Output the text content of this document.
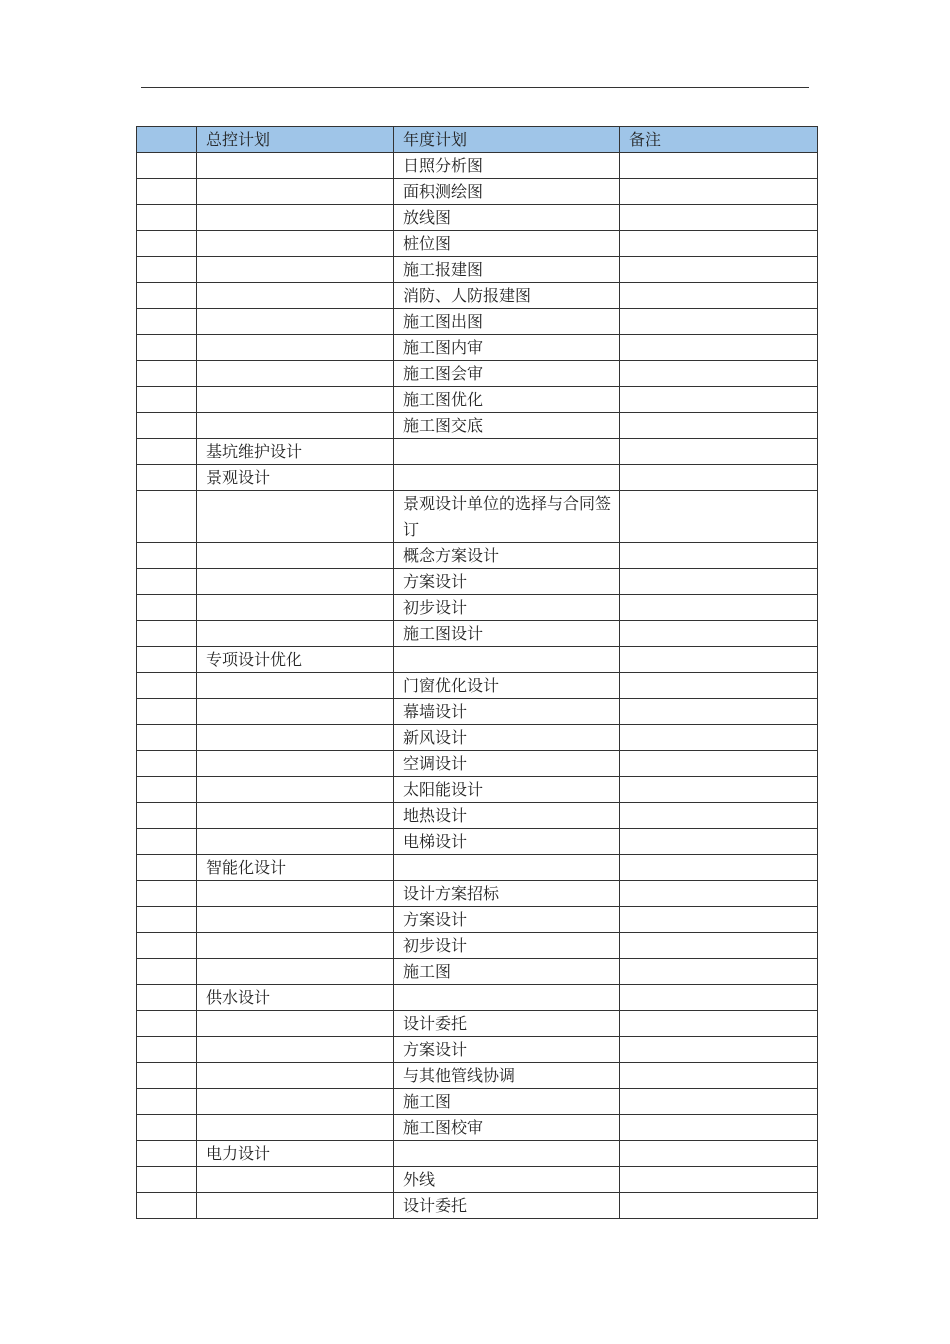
	总控计划	年度计划	备注
		日照分析图	
		面积测绘图	
		放线图	
		桩位图	
		施工报建图	
		消防、人防报建图	
		施工图出图	
		施工图内审	
		施工图会审	
		施工图优化	
		施工图交底	
	基坑维护设计		
	景观设计		
		景观设计单位的选择与合同签订	
		概念方案设计	
		方案设计	
		初步设计	
		施工图设计	
	专项设计优化		
		门窗优化设计	
		幕墙设计	
		新风设计	
		空调设计	
		太阳能设计	
		地热设计	
		电梯设计	
	智能化设计		
		设计方案招标	
		方案设计	
		初步设计	
		施工图	
	供水设计		
		设计委托	
		方案设计	
		与其他管线协调	
		施工图	
		施工图校审	
	电力设计		
		外线	
		设计委托	
